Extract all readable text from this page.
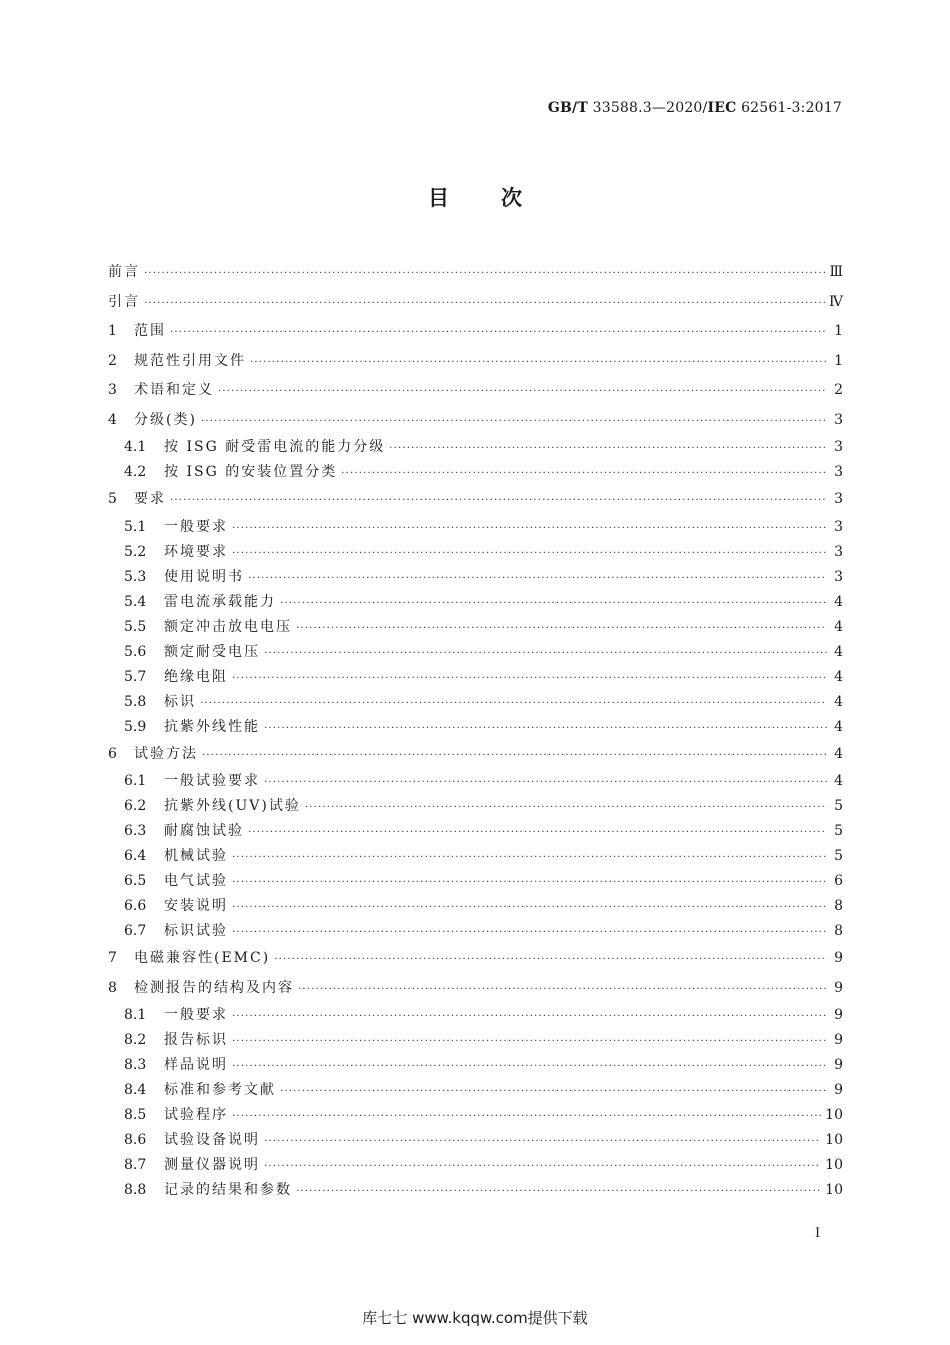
GB/T 33588.3—2020/IEC 62561-3:2017
目次
前言 ·····	Ⅲ
引言 ·····	Ⅳ
1	范围 ·····	1
2	规范性引用文件 ·····	1
3	术语和定义 ·····	2
4	分级(类) ·····	3
4.1	按 ISG 耐受雷电流的能力分级 ·····	3
4.2	按 ISG 的安装位置分类 ·····	3
5	要求 ·····	3
5.1	一般要求 ·····	3
5.2	环境要求 ·····	3
5.3	使用说明书 ·····	3
5.4	雷电流承载能力 ·····	4
5.5	额定冲击放电电压 ·····	4
5.6	额定耐受电压 ·····	4
5.7	绝缘电阻 ·····	4
5.8	标识 ·····	4
5.9	抗紫外线性能 ·····	4
6	试验方法 ·····	4
6.1	一般试验要求 ·····	4
6.2	抗紫外线(UV)试验 ·····	5
6.3	耐腐蚀试验 ·····	5
6.4	机械试验 ·····	5
6.5	电气试验 ·····	6
6.6	安装说明 ·····	8
6.7	标识试验 ·····	8
7	电磁兼容性(EMC) ·····	9
8	检测报告的结构及内容 ·····	9
8.1	一般要求 ·····	9
8.2	报告标识 ·····	9
8.3	样品说明 ·····	9
8.4	标准和参考文献 ·····	9
8.5	试验程序 ·····	10
8.6	试验设备说明 ·····	10
8.7	测量仪器说明 ·····	10
8.8	记录的结果和参数 ·····	10
I
库七七 www.kqqw.com提供下载
